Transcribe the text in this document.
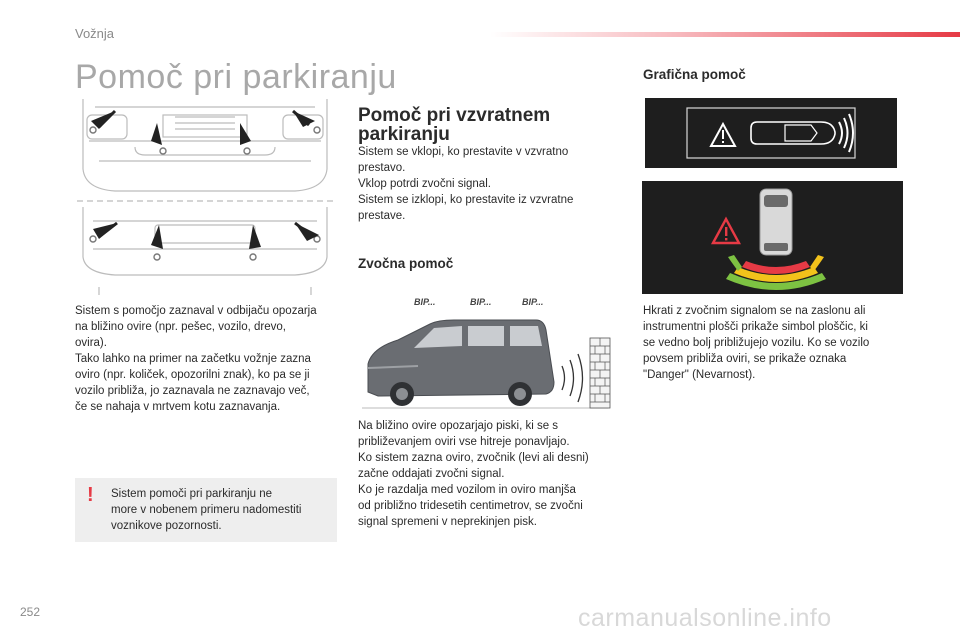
Vožnja
Pomoč pri parkiranju
Sistem s pomočjo zaznaval v odbijaču opozarja
na bližino ovire (npr. pešec, vozilo, drevo,
ovira).
Tako lahko na primer na začetku vožnje zazna
oviro (npr. količek, opozorilni znak), ko pa se ji
vozilo približa, jo zaznavala ne zaznavajo več,
če se nahaja v mrtvem kotu zaznavanja.
! Sistem pomoči pri parkiranju ne
more v nobenem primeru nadomestiti
voznikove pozornosti.
Pomoč pri vzvratnem
parkiranju
Sistem se vklopi, ko prestavite v vzvratno
prestavo.
Vklop potrdi zvočni signal.
Sistem se izklopi, ko prestavite iz vzvratne
prestave.
Zvočna pomoč
BIP...	BIP...	BIP...
Na bližino ovire opozarjajo piski, ki se s
približevanjem oviri vse hitreje ponavljajo.
Ko sistem zazna oviro, zvočnik (levi ali desni)
začne oddajati zvočni signal.
Ko je razdalja med vozilom in oviro manjša
od približno tridesetih centimetrov, se zvočni
signal spremeni v neprekinjen pisk.
Grafična pomoč
Hkrati z zvočnim signalom se na zaslonu ali
instrumentni plošči prikaže simbol ploščic, ki
se vedno bolj približujejo vozilu. Ko se vozilo
povsem približa oviri, se prikaže oznaka
"Danger" (Nevarnost).
252	carmanualsonline.info
